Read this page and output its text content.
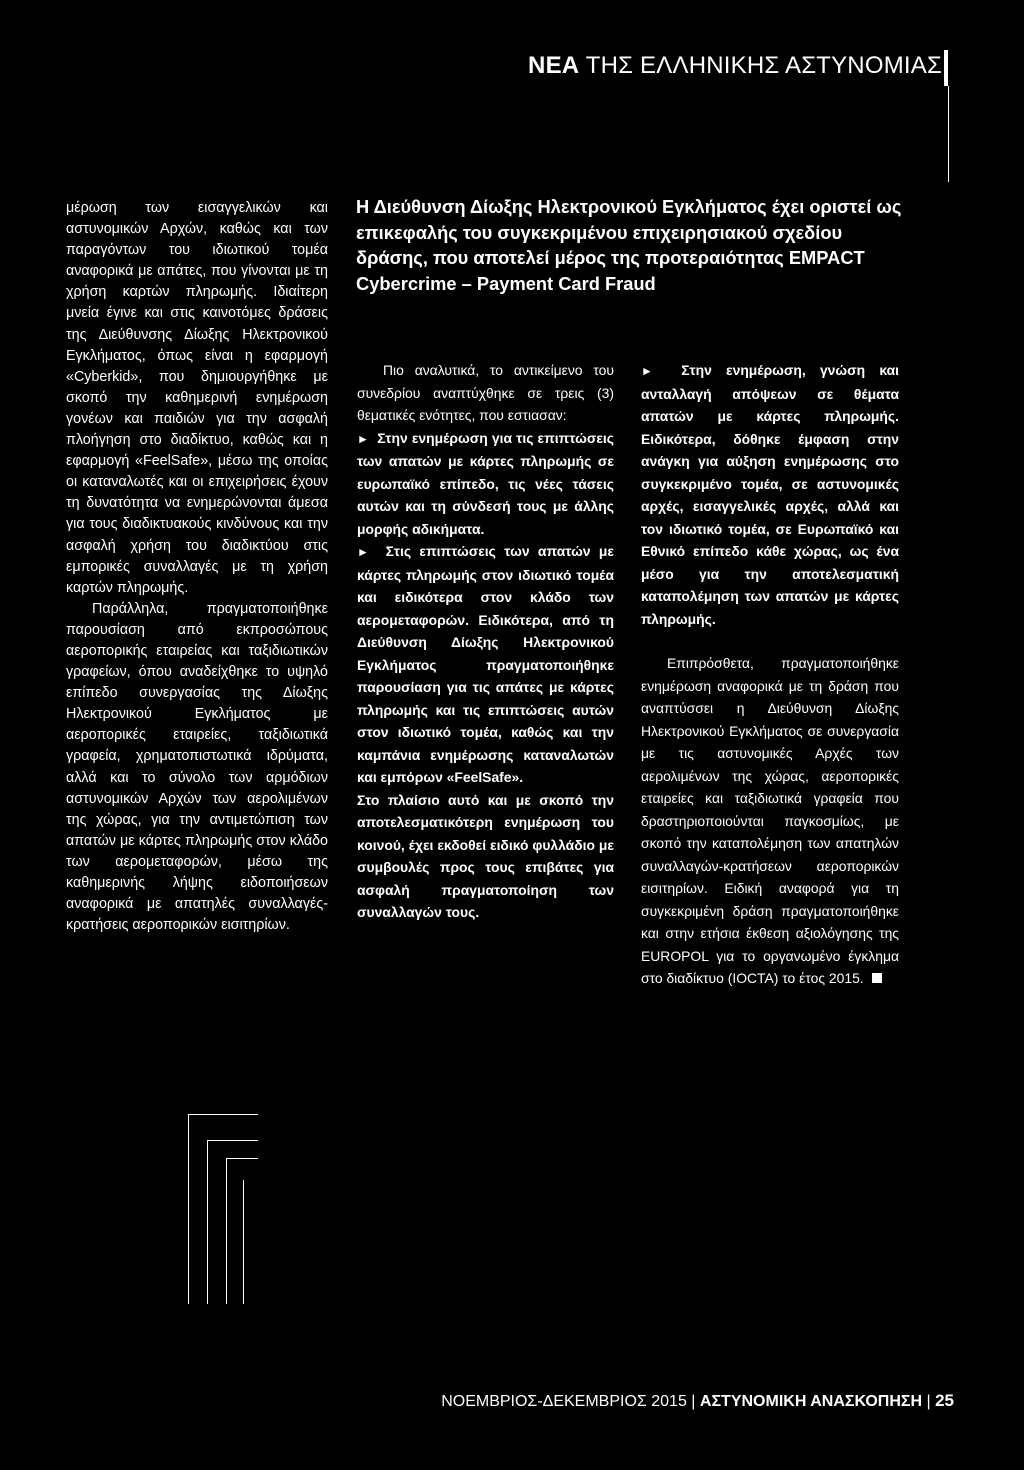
ΝΕΑ ΤΗΣ ΕΛΛΗΝΙΚΗΣ ΑΣΤΥΝΟΜΙΑΣ

μέρωση των εισαγγελικών και αστυνομικών Αρχών, καθώς και των παραγόντων του ιδιωτικού τομέα αναφορικά με απάτες, που γίνονται με τη χρήση καρτών πληρωμής. Ιδιαίτερη μνεία έγινε και στις καινοτόμες δράσεις της Διεύθυνσης Δίωξης Ηλεκτρονικού Εγκλήματος, όπως είναι η εφαρμογή «Cyberkid», που δημιουργήθηκε με σκοπό την καθημερινή ενημέρωση γονέων και παιδιών για την ασφαλή πλοήγηση στο διαδίκτυο, καθώς και η εφαρμογή «FeelSafe», μέσω της οποίας οι καταναλωτές και οι επιχειρήσεις έχουν τη δυνατότητα να ενημερώνονται άμεσα για τους διαδικτυακούς κινδύνους και την ασφαλή χρήση του διαδικτύου στις εμπορικές συναλλαγές με τη χρήση καρτών πληρωμής.

Παράλληλα, πραγματοποιήθηκε παρουσίαση από εκπροσώπους αεροπορικής εταιρείας και ταξιδιωτικών γραφείων, όπου αναδείχθηκε το υψηλό επίπεδο συνεργασίας της Δίωξης Ηλεκτρονικού Εγκλήματος με αεροπορικές εταιρείες, ταξιδιωτικά γραφεία, χρηματοπιστωτικά ιδρύματα, αλλά και το σύνολο των αρμόδιων αστυνομικών Αρχών των αερολιμένων της χώρας, για την αντιμετώπιση των απατών με κάρτες πληρωμής στον κλάδο των αερομεταφορών, μέσω της καθημερινής λήψης ειδοποιήσεων αναφορικά με απατηλές συναλλαγές-κρατήσεις αεροπορικών εισιτηρίων.

Η Διεύθυνση Δίωξης Ηλεκτρονικού Εγκλήματος έχει οριστεί ως επικεφαλής του συγκεκριμένου επιχειρησιακού σχεδίου δράσης, που αποτελεί μέρος της προτεραιότητας EMPACT Cybercrime – Payment Card Fraud

Πιο αναλυτικά, το αντικείμενο του συνεδρίου αναπτύχθηκε σε τρεις (3) θεματικές ενότητες, που εστιασαν:

► Στην ενημέρωση για τις επιπτώσεις των απατών με κάρτες πληρωμής σε ευρωπαϊκό επίπεδο, τις νέες τάσεις αυτών και τη σύνδεσή τους με άλλης μορφής αδικήματα.

► Στις επιπτώσεις των απατών με κάρτες πληρωμής στον ιδιωτικό τομέα και ειδικότερα στον κλάδο των αερομεταφορών. Ειδικότερα, από τη Διεύθυνση Δίωξης Ηλεκτρονικού Εγκλήματος πραγματοποιήθηκε παρουσίαση για τις απάτες με κάρτες πληρωμής και τις επιπτώσεις αυτών στον ιδιωτικό τομέα, καθώς και την καμπάνια ενημέρωσης καταναλωτών και εμπόρων «FeelSafe».

Στο πλαίσιο αυτό και με σκοπό την αποτελεσματικότερη ενημέρωση του κοινού, έχει εκδοθεί ειδικό φυλλάδιο με συμβουλές προς τους επιβάτες για ασφαλή πραγματοποίηση των συναλλαγών τους.

► Στην ενημέρωση, γνώση και ανταλλαγή απόψεων σε θέματα απατών με κάρτες πληρωμής. Ειδικότερα, δόθηκε έμφαση στην ανάγκη για αύξηση ενημέρωσης στο συγκεκριμένο τομέα, σε αστυνομικές αρχές, εισαγγελικές αρχές, αλλά και τον ιδιωτικό τομέα, σε Ευρωπαϊκό και Εθνικό επίπεδο κάθε χώρας, ως ένα μέσο για την αποτελεσματική καταπολέμηση των απατών με κάρτες πληρωμής.

Επιπρόσθετα, πραγματοποιήθηκε ενημέρωση αναφορικά με τη δράση που αναπτύσσει η Διεύθυνση Δίωξης Ηλεκτρονικού Εγκλήματος σε συνεργασία με τις αστυνομικές Αρχές των αερολιμένων της χώρας, αεροπορικές εταιρείες και ταξιδιωτικά γραφεία που δραστηριοποιούνται παγκοσμίως, με σκοπό την καταπολέμηση των απατηλών συναλλαγών-κρατήσεων αεροπορικών εισιτηρίων. Ειδική αναφορά για τη συγκεκριμένη δράση πραγματοποιήθηκε και στην ετήσια έκθεση αξιολόγησης της EUROPOL για το οργανωμένο έγκλημα στο διαδίκτυο (IOCTA) το έτος 2015.

ΝΟΕΜΒΡΙΟΣ-ΔΕΚΕΜΒΡΙΟΣ 2015 | ΑΣΤΥΝΟΜΙΚΗ ΑΝΑΣΚΟΠΗΣΗ | 25
